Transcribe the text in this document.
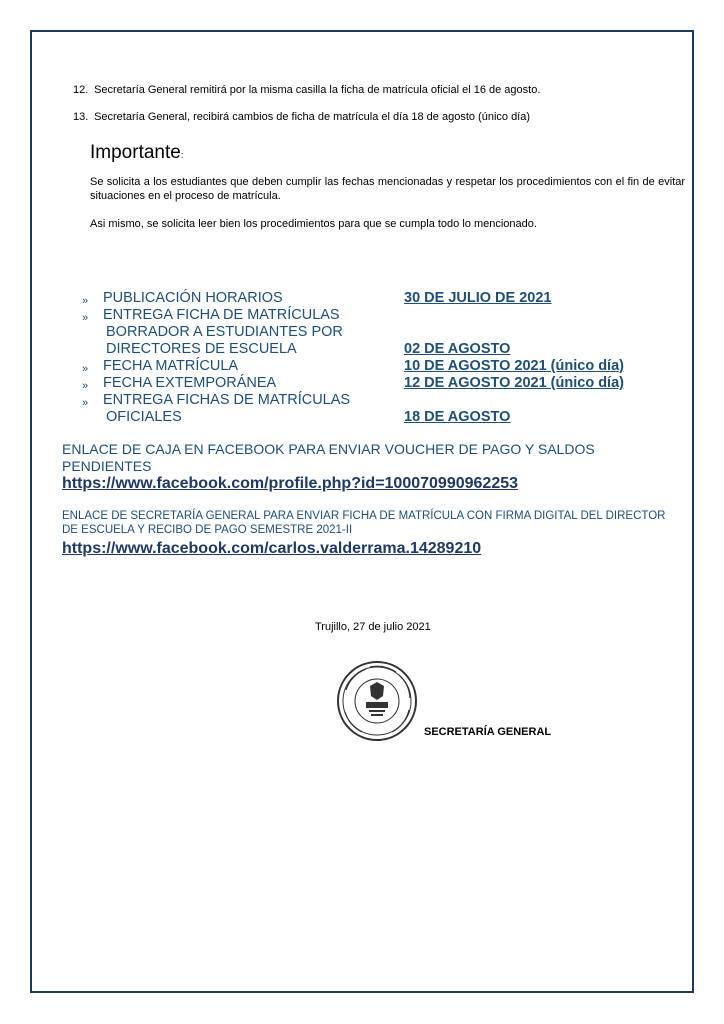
12. Secretaría General remitirá por la misma casilla la ficha de matrícula oficial el 16 de agosto.
13. Secretaría General, recibirá cambios de ficha de matrícula el día 18 de agosto (único día)
Importante:
Se solicita a los estudiantes que deben cumplir las fechas mencionadas y respetar los procedimientos con el fin de evitar situaciones en el proceso de matrícula.
Asi mismo, se solicita leer bien los procedimientos para que se cumpla todo lo mencionado.
» PUBLICACIÓN HORARIOS	30 DE JULIO DE 2021
» ENTREGA FICHA DE MATRÍCULAS
BORRADOR A ESTUDIANTES POR
DIRECTORES DE ESCUELA	02 DE AGOSTO
» FECHA MATRÍCULA	10 DE AGOSTO 2021 (único día)
» FECHA EXTEMPORÁNEA	12 DE AGOSTO 2021 (único día)
» ENTREGA FICHAS DE MATRÍCULAS
OFICIALES	18 DE AGOSTO
ENLACE DE CAJA EN FACEBOOK PARA ENVIAR VOUCHER DE PAGO Y SALDOS PENDIENTES
https://www.facebook.com/profile.php?id=100070990962253
ENLACE DE SECRETARÍA GENERAL PARA ENVIAR FICHA DE MATRÍCULA CON FIRMA DIGITAL DEL DIRECTOR DE ESCUELA Y RECIBO DE PAGO SEMESTRE 2021-II
https://www.facebook.com/carlos.valderrama.14289210
Trujillo, 27 de julio 2021
SECRETARÍA GENERAL
